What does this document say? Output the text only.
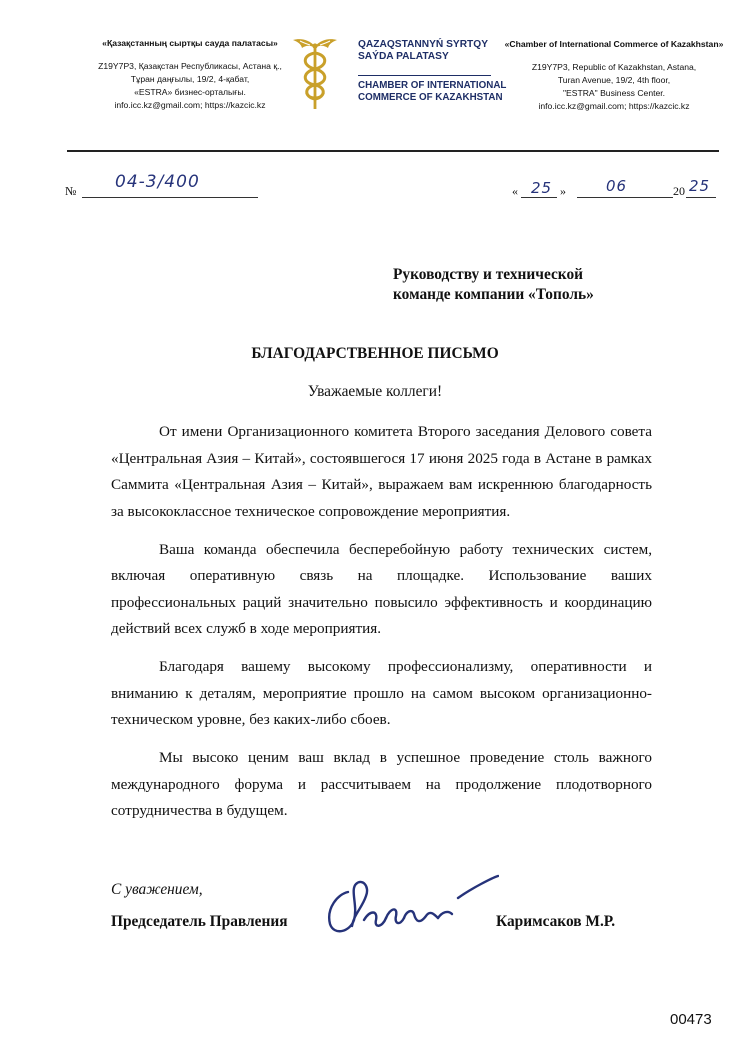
«Қазақстанның сыртқы сауда палатасы»
Z19Y7P3, Қазақстан Республикасы, Астана қ.,
Тұран даңғылы, 19/2, 4-қабат,
«ESTRA» бизнес-орталығы.
info.icc.kz@gmail.com; https://kazcic.kz
QAZAQSTANNYŃ SYRTQY
SAÝDA PALATASY
CHAMBER OF INTERNATIONAL
COMMERCE OF KAZAKHSTAN
«Chamber of International Commerce of Kazakhstan»
Z19Y7P3, Republic of Kazakhstan, Astana,
Turan Avenue, 19/2, 4th floor,
"ESTRA" Business Center.
info.icc.kz@gmail.com; https://kazcic.kz
№ 04-3/400	« 25 »	06	20 25
Руководству и технической
команде компании «Тополь»
БЛАГОДАРСТВЕННОЕ ПИСЬМО
Уважаемые коллеги!

От имени Организационного комитета Второго заседания Делового совета «Центральная Азия – Китай», состоявшегося 17 июня 2025 года в Астане в рамках Саммита «Центральная Азия – Китай», выражаем вам искреннюю благодарность за высококлассное техническое сопровождение мероприятия.

Ваша команда обеспечила бесперебойную работу технических систем, включая оперативную связь на площадке. Использование ваших профессиональных раций значительно повысило эффективность и координацию действий всех служб в ходе мероприятия.

Благодаря вашему высокому профессионализму, оперативности и вниманию к деталям, мероприятие прошло на самом высоком организационно-техническом уровне, без каких-либо сбоев.

Мы высоко ценим ваш вклад в успешное проведение столь важного международного форума и рассчитываем на продолжение плодотворного сотрудничества в будущем.

С уважением,
Председатель Правления	Каримсаков М.Р.
00473
